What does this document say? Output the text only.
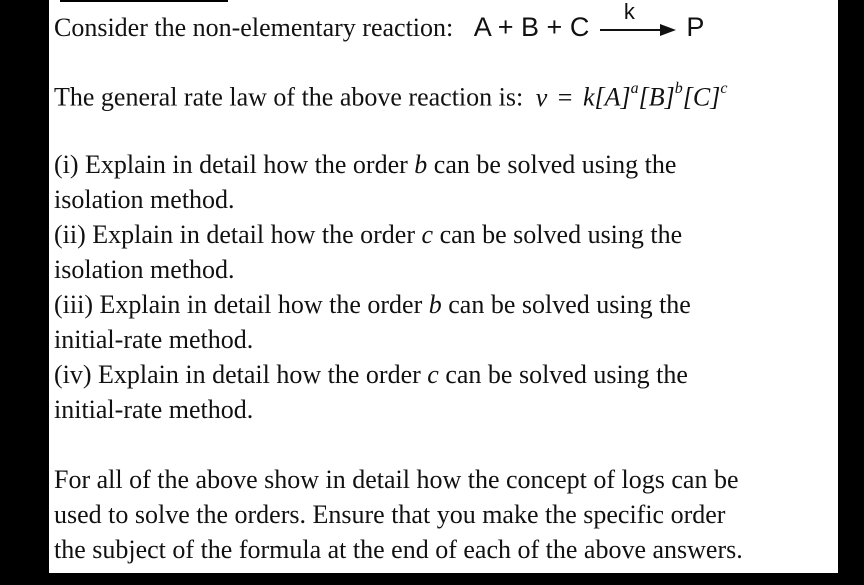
Consider the non-elementary reaction: A + B + C
k
P
The general rate law of the above reaction is: $v = k[A]^a[B]^b[C]^c$
(i) Explain in detail how the order b can be solved using the
isolation method.
(ii) Explain in detail how the order c can be solved using the
isolation method.
(iii) Explain in detail how the order b can be solved using the
initial-rate method.
(iv) Explain in detail how the order c can be solved using the
initial-rate method.
For all of the above show in detail how the concept of logs can be
used to solve the orders. Ensure that you make the specific order
the subject of the formula at the end of each of the above answers.
